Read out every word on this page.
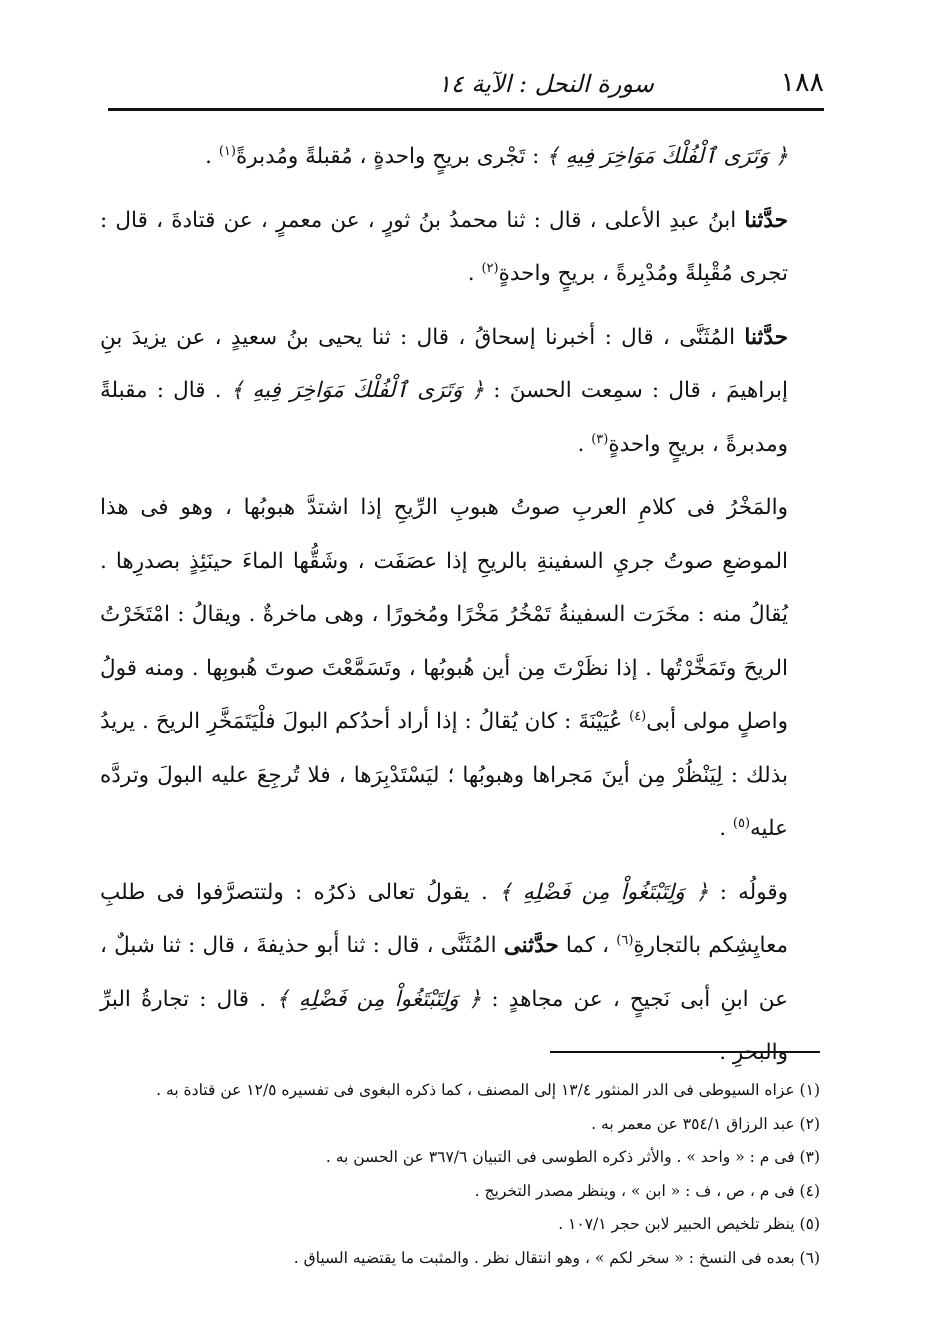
١٨٨
سورة النحل : الآية ١٤

﴿ وَتَرَى ٱلْفُلْكَ مَوَاخِرَ فِيهِ ﴾ : تَجْرى بريحٍ واحدةٍ ، مُقبلةً ومُدبرةً$^{(١)}$ .

حدَّثنا ابنُ عبدِ الأعلى ، قال : ثنا محمدُ بنُ ثورٍ ، عن معمرٍ ، عن قتادةَ ، قال : تجرى مُقْبِلةً ومُدْبِرةً ، بريحٍ واحدةٍ$^{(٢)}$ .

حدَّثنا المُثَنَّى ، قال : أخبرنا إسحاقُ ، قال : ثنا يحيى بنُ سعيدٍ ، عن يزيدَ بنِ إبراهيمَ ، قال : سمِعت الحسنَ : ﴿ وَتَرَى ٱلْفُلْكَ مَوَاخِرَ فِيهِ ﴾ . قال : مقبلةً ومدبرةً ، بريحٍ واحدةٍ$^{(٣)}$ .

والمَخْرُ فى كلامِ العربِ صوتُ هبوبِ الرِّيحِ إذا اشتدَّ هبوبُها ، وهو فى هذا الموضعِ صوتُ جريِ السفينةِ بالريحِ إذا عصَفَت ، وشَقُّها الماءَ حينَئِذٍ بصدرِها . يُقالُ منه : مخَرَت السفينةُ تَمْخُرُ مَخْرًا ومُخورًا ، وهى ماخرةٌ . ويقالُ : امْتَخَرْتُ الريحَ وتَمَخَّرْتُها . إذا نظَرْتَ مِن أين هُبوبُها ، وتَسَمَّعْتَ صوتَ هُبوبِها . ومنه قولُ واصلٍ مولى أبى$^{(٤)}$ عُيَيْنَةَ : كان يُقالُ : إذا أراد أحدُكم البولَ فلْيَتَمَخَّرِ الريحَ . يريدُ بذلك : لِيَنْظُرْ مِن أينَ مَجراها وهبوبُها ؛ ليَسْتَدْبِرَها ، فلا تُرجِعَ عليه البولَ وتردَّه عليه$^{(٥)}$ .

وقولُه : ﴿ وَلِتَبْتَغُواْ مِن فَضْلِهِ ﴾ . يقولُ تعالى ذكرُه : ولتتصرَّفوا فى طلبِ معايِشِكم بالتجارةِ$^{(٦)}$ ، كما حدَّثنى المُثَنَّى ، قال : ثنا أبو حذيفةَ ، قال : ثنا شبلٌ ، عن ابنِ أبى نَجيحٍ ، عن مجاهدٍ : ﴿ وَلِتَبْتَغُواْ مِن فَضْلِهِ ﴾ . قال : تجارةُ البرِّ والبحرِ .

(١) عزاه السيوطى فى الدر المنثور ١٣/٤ إلى المصنف ، كما ذكره البغوى فى تفسيره ١٢/٥ عن قتادة به .
(٢) عبد الرزاق ٣٥٤/١ عن معمر به .
(٣) فى م : « واحد » . والأثر ذكره الطوسى فى التبيان ٣٦٧/٦ عن الحسن به .
(٤) فى م ، ص ، ف : « ابن » ، وينظر مصدر التخريج .
(٥) ينظر تلخيص الحبير لابن حجر ١٠٧/١ .
(٦) بعده فى النسخ : « سخر لكم » ، وهو انتقال نظر . والمثبت ما يقتضيه السياق .
